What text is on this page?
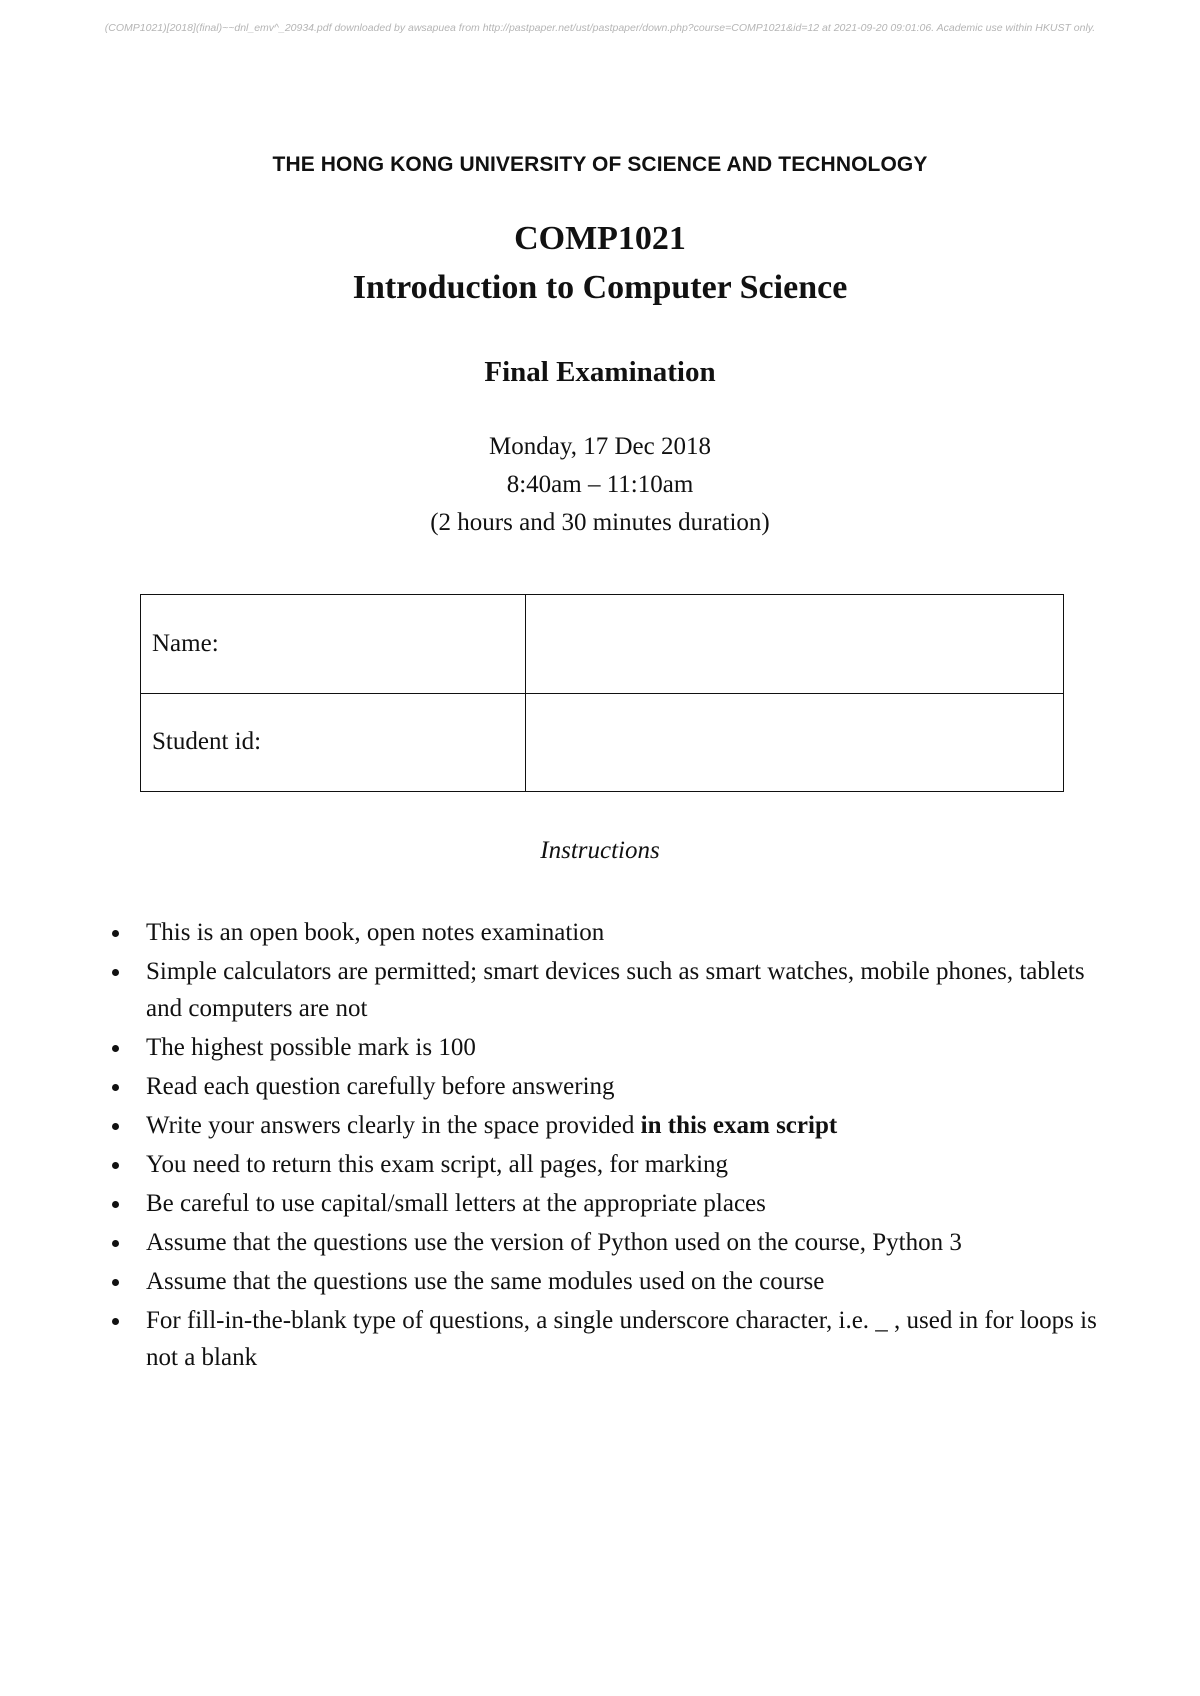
(COMP1021)[2018](final)~~dnl_emv^_20934.pdf downloaded by awsapuea from http://pastpaper.net/ust/pastpaper/down.php?course=COMP1021&id=12 at 2021-09-20 09:01:06. Academic use within HKUST only.
THE HONG KONG UNIVERSITY OF SCIENCE AND TECHNOLOGY
COMP1021
Introduction to Computer Science
Final Examination
Monday, 17 Dec 2018
8:40am – 11:10am
(2 hours and 30 minutes duration)
Name:	
Student id:	
Instructions
This is an open book, open notes examination
Simple calculators are permitted; smart devices such as smart watches, mobile phones, tablets and computers are not
The highest possible mark is 100
Read each question carefully before answering
Write your answers clearly in the space provided in this exam script
You need to return this exam script, all pages, for marking
Be careful to use capital/small letters at the appropriate places
Assume that the questions use the version of Python used on the course, Python 3
Assume that the questions use the same modules used on the course
For fill-in-the-blank type of questions, a single underscore character, i.e. _ , used in for loops is not a blank
